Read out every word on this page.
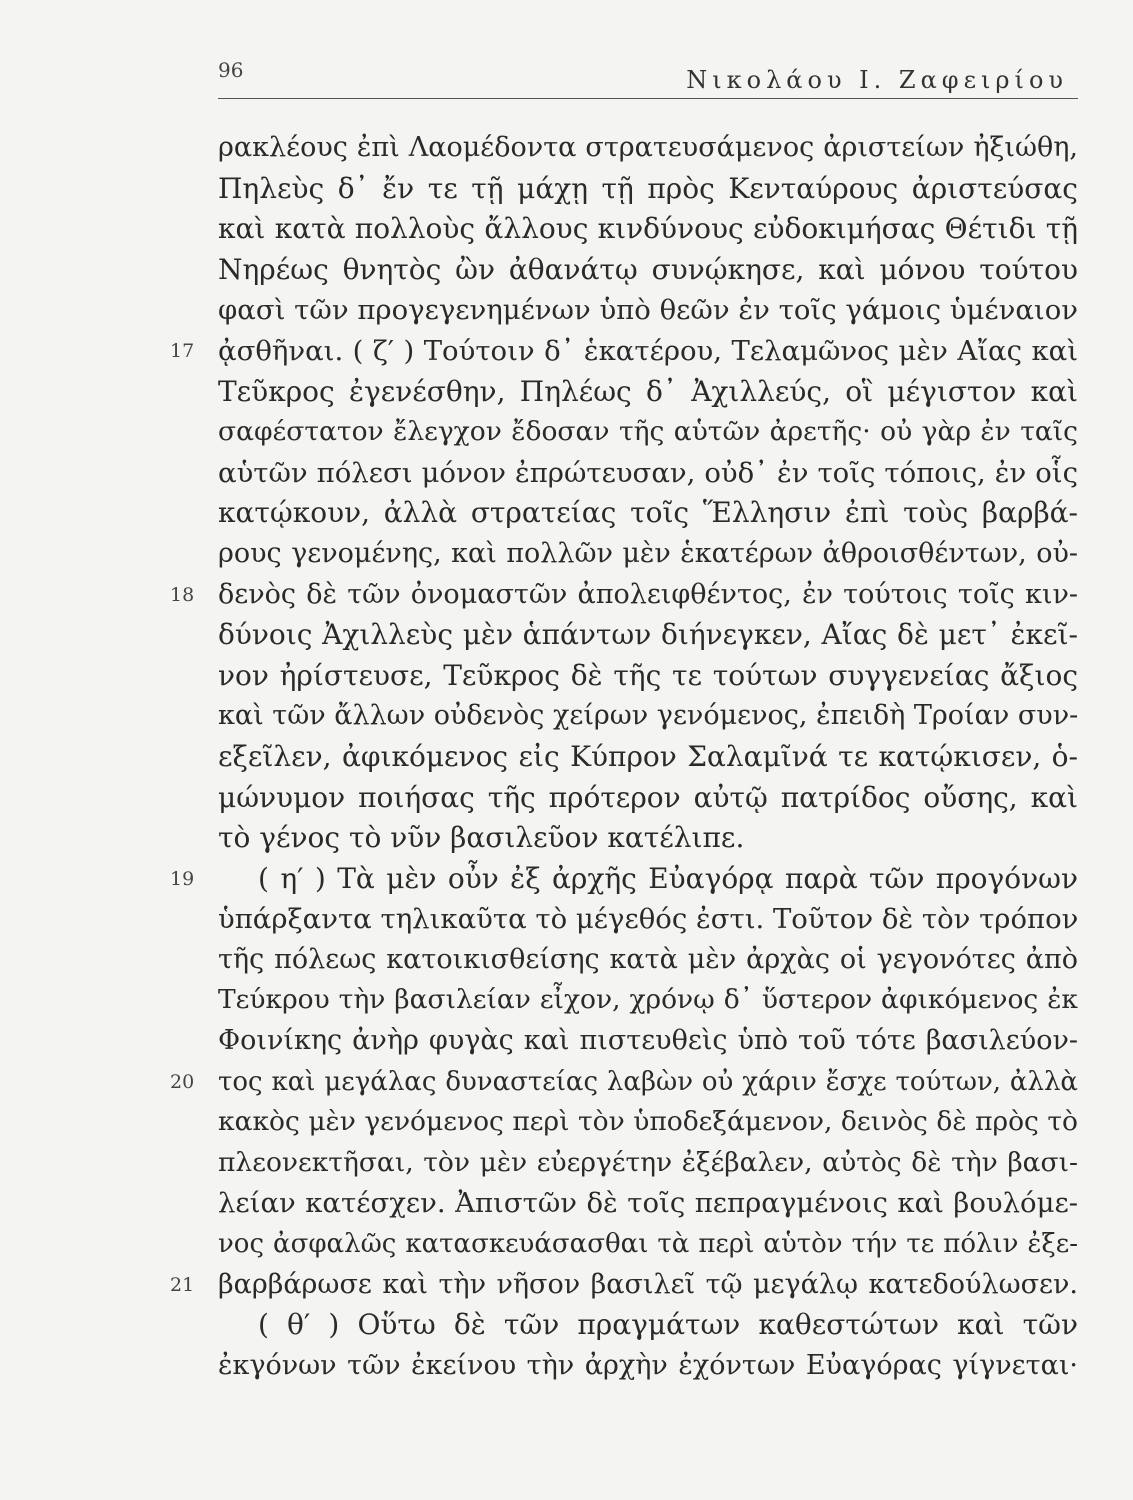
96	Νικολάου Ι. Ζαφειρίου
ρακλέους ἐπὶ Λαομέδοντα στρατευσάμενος ἀριστείων ἠξιώθη,
Πηλεὺς δ᾿ ἔν τε τῇ μάχῃ τῇ πρὸς Κενταύρους ἀριστεύσας
καὶ κατὰ πολλοὺς ἄλλους κινδύνους εὐδοκιμήσας Θέτιδι τῇ
Νηρέως θνητὸς ὢν ἀθανάτῳ συνῴκησε, καὶ μόνου τούτου
φασὶ τῶν προγεγενημένων ὑπὸ θεῶν ἐν τοῖς γάμοις ὑμέναιον
17 ᾀσθῆναι. ( ζ′ ) Τούτοιν δ᾿ ἑκατέρου, Τελαμῶνος μὲν Αἴας καὶ
Τεῦκρος ἐγενέσθην, Πηλέως δ᾿ Ἀχιλλεύς, οἳ μέγιστον καὶ
σαφέστατον ἔλεγχον ἔδοσαν τῆς αὑτῶν ἀρετῆς· οὐ γὰρ ἐν ταῖς
αὑτῶν πόλεσι μόνον ἐπρώτευσαν, οὐδ᾿ ἐν τοῖς τόποις, ἐν οἷς
κατῴκουν, ἀλλὰ στρατείας τοῖς Ἕλλησιν ἐπὶ τοὺς βαρβά-
ρους γενομένης, καὶ πολλῶν μὲν ἑκατέρων ἀθροισθέντων, οὐ-
18 δενὸς δὲ τῶν ὀνομαστῶν ἀπολειφθέντος, ἐν τούτοις τοῖς κιν-
δύνοις Ἀχιλλεὺς μὲν ἁπάντων διήνεγκεν, Αἴας δὲ μετ᾿ ἐκεῖ-
νον ἠρίστευσε, Τεῦκρος δὲ τῆς τε τούτων συγγενείας ἄξιος
καὶ τῶν ἄλλων οὐδενὸς χείρων γενόμενος, ἐπειδὴ Τροίαν συν-
εξεῖλεν, ἀφικόμενος εἰς Κύπρον Σαλαμῖνά τε κατῴκισεν, ὁ-
μώνυμον ποιήσας τῆς πρότερον αὐτῷ πατρίδος οὔσης, καὶ
τὸ γένος τὸ νῦν βασιλεῦον κατέλιπε.
19 ( η′ ) Τὰ μὲν οὖν ἐξ ἀρχῆς Εὐαγόρᾳ παρὰ τῶν προγόνων
ὑπάρξαντα τηλικαῦτα τὸ μέγεθός ἐστι. Τοῦτον δὲ τὸν τρόπον
τῆς πόλεως κατοικισθείσης κατὰ μὲν ἀρχὰς οἱ γεγονότες ἀπὸ
Τεύκρου τὴν βασιλείαν εἶχον, χρόνῳ δ᾿ ὕστερον ἀφικόμενος ἐκ
Φοινίκης ἀνὴρ φυγὰς καὶ πιστευθεὶς ὑπὸ τοῦ τότε βασιλεύον-
20 τος καὶ μεγάλας δυναστείας λαβὼν οὐ χάριν ἔσχε τούτων, ἀλλὰ
κακὸς μὲν γενόμενος περὶ τὸν ὑποδεξάμενον, δεινὸς δὲ πρὸς τὸ
πλεονεκτῆσαι, τὸν μὲν εὐεργέτην ἐξέβαλεν, αὐτὸς δὲ τὴν βασι-
λείαν κατέσχεν. Ἀπιστῶν δὲ τοῖς πεπραγμένοις καὶ βουλόμε-
νος ἀσφαλῶς κατασκευάσασθαι τὰ περὶ αὑτὸν τήν τε πόλιν ἐξε-
21 βαρβάρωσε καὶ τὴν νῆσον βασιλεῖ τῷ μεγάλῳ κατεδούλωσεν.
( θ′ ) Οὕτω δὲ τῶν πραγμάτων καθεστώτων καὶ τῶν
ἐκγόνων τῶν ἐκείνου τὴν ἀρχὴν ἐχόντων Εὐαγόρας γίγνεται·
